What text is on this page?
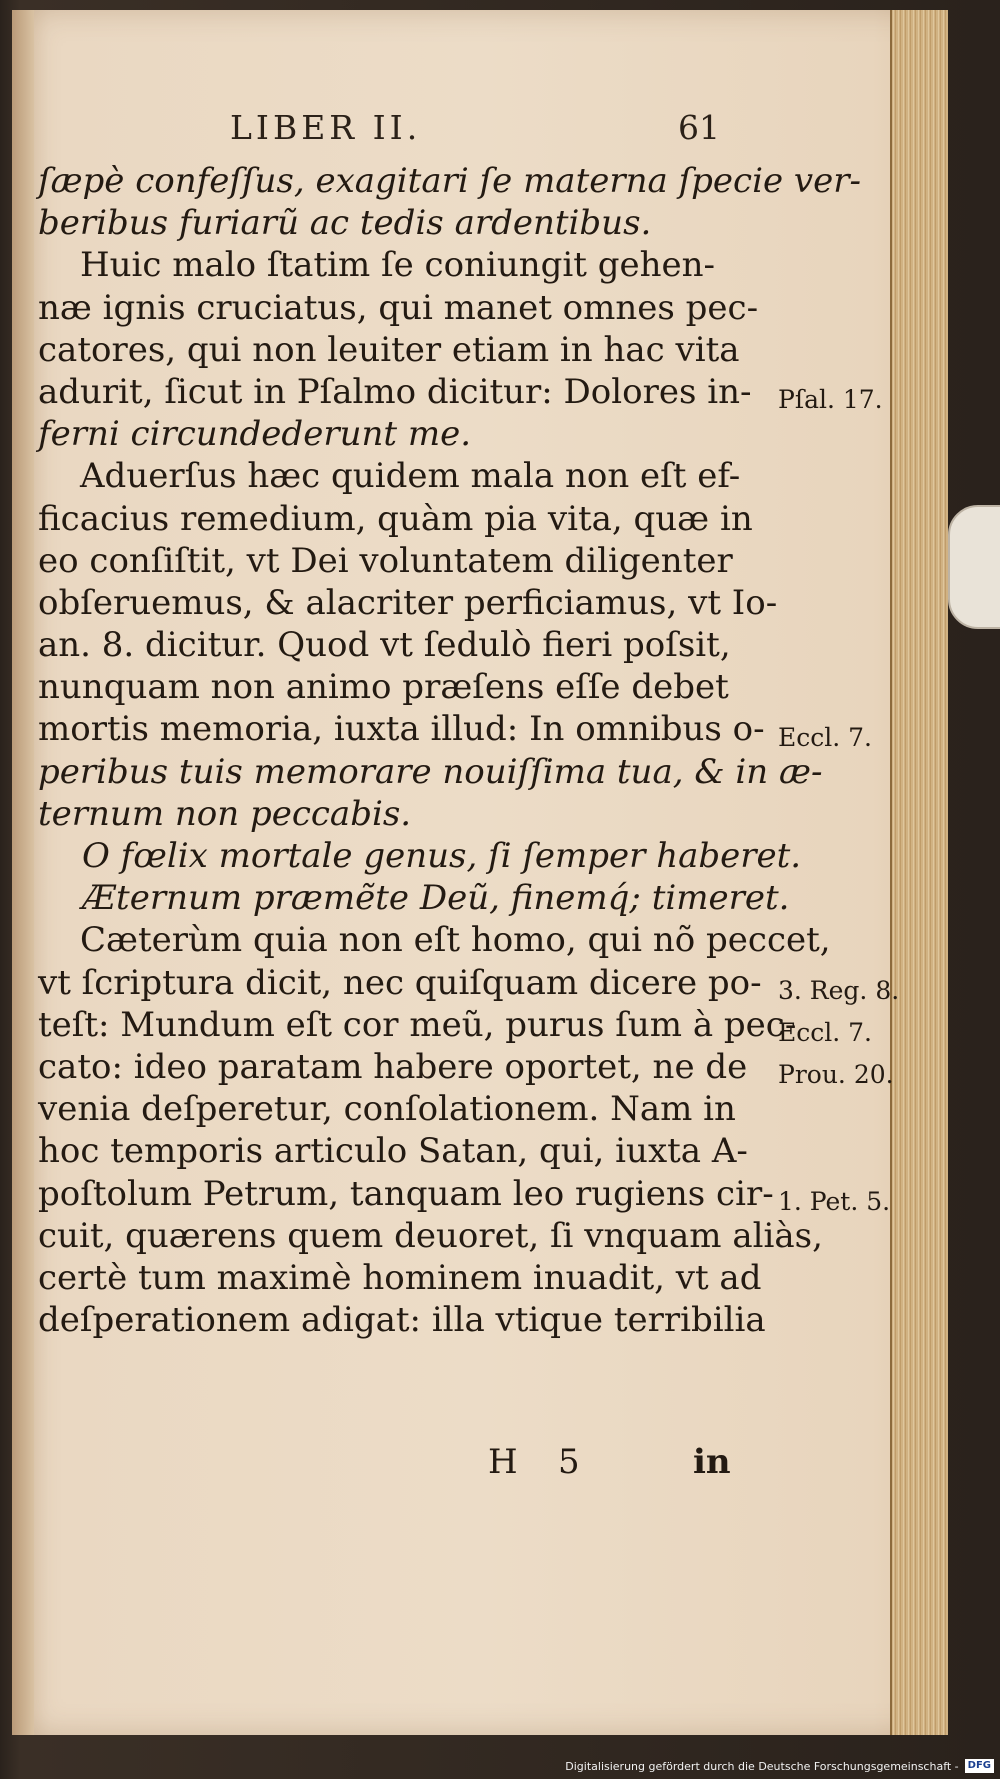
LIBER II.	61
ſæpè confeſſus, exagitari ſe materna ſpecie ver-
beribus furiarũ ac tedis ardentibus.
Huic malo ſtatim ſe coniungit gehen-
næ ignis cruciatus, qui manet omnes pec-
catores, qui non leuiter etiam in hac vita
adurit, ſicut in Pſalmo dicitur: Dolores in-
ferni circundederunt me.
Aduerſus hæc quidem mala non eſt ef-
ficacius remedium, quàm pia vita, quæ in
eo conſiſtit, vt Dei voluntatem diligenter
obſeruemus, & alacriter perficiamus, vt Io-
an. 8. dicitur. Quod vt ſedulò fieri poſsit,
nunquam non animo præſens eſſe debet
mortis memoria, iuxta illud: In omnibus o-
peribus tuis memorare nouiſſima tua, & in æ-
ternum non peccabis.
O fœlix mortale genus, ſi ſemper haberet.
Æternum præmẽte Deũ, finemq́; timeret.
Cæterùm quia non eſt homo, qui nõ peccet,
vt ſcriptura dicit, nec quiſquam dicere po-
teſt: Mundum eſt cor meũ, purus ſum à pec-
cato: ideo paratam habere oportet, ne de
venia deſperetur, conſolationem. Nam in
hoc temporis articulo Satan, qui, iuxta A-
poſtolum Petrum, tanquam leo rugiens cir-
cuit, quærens quem deuoret, ſi vnquam aliàs,
certè tum maximè hominem inuadit, vt ad
deſperationem adigat: illa vtique terribilia
Pſal. 17.
Eccl. 7.
3. Reg. 8.
Eccl. 7.
Prou. 20.
1. Pet. 5.
H 5	in
Digitalisierung gefördert durch die Deutsche Forschungsgemeinschaft - DFG
